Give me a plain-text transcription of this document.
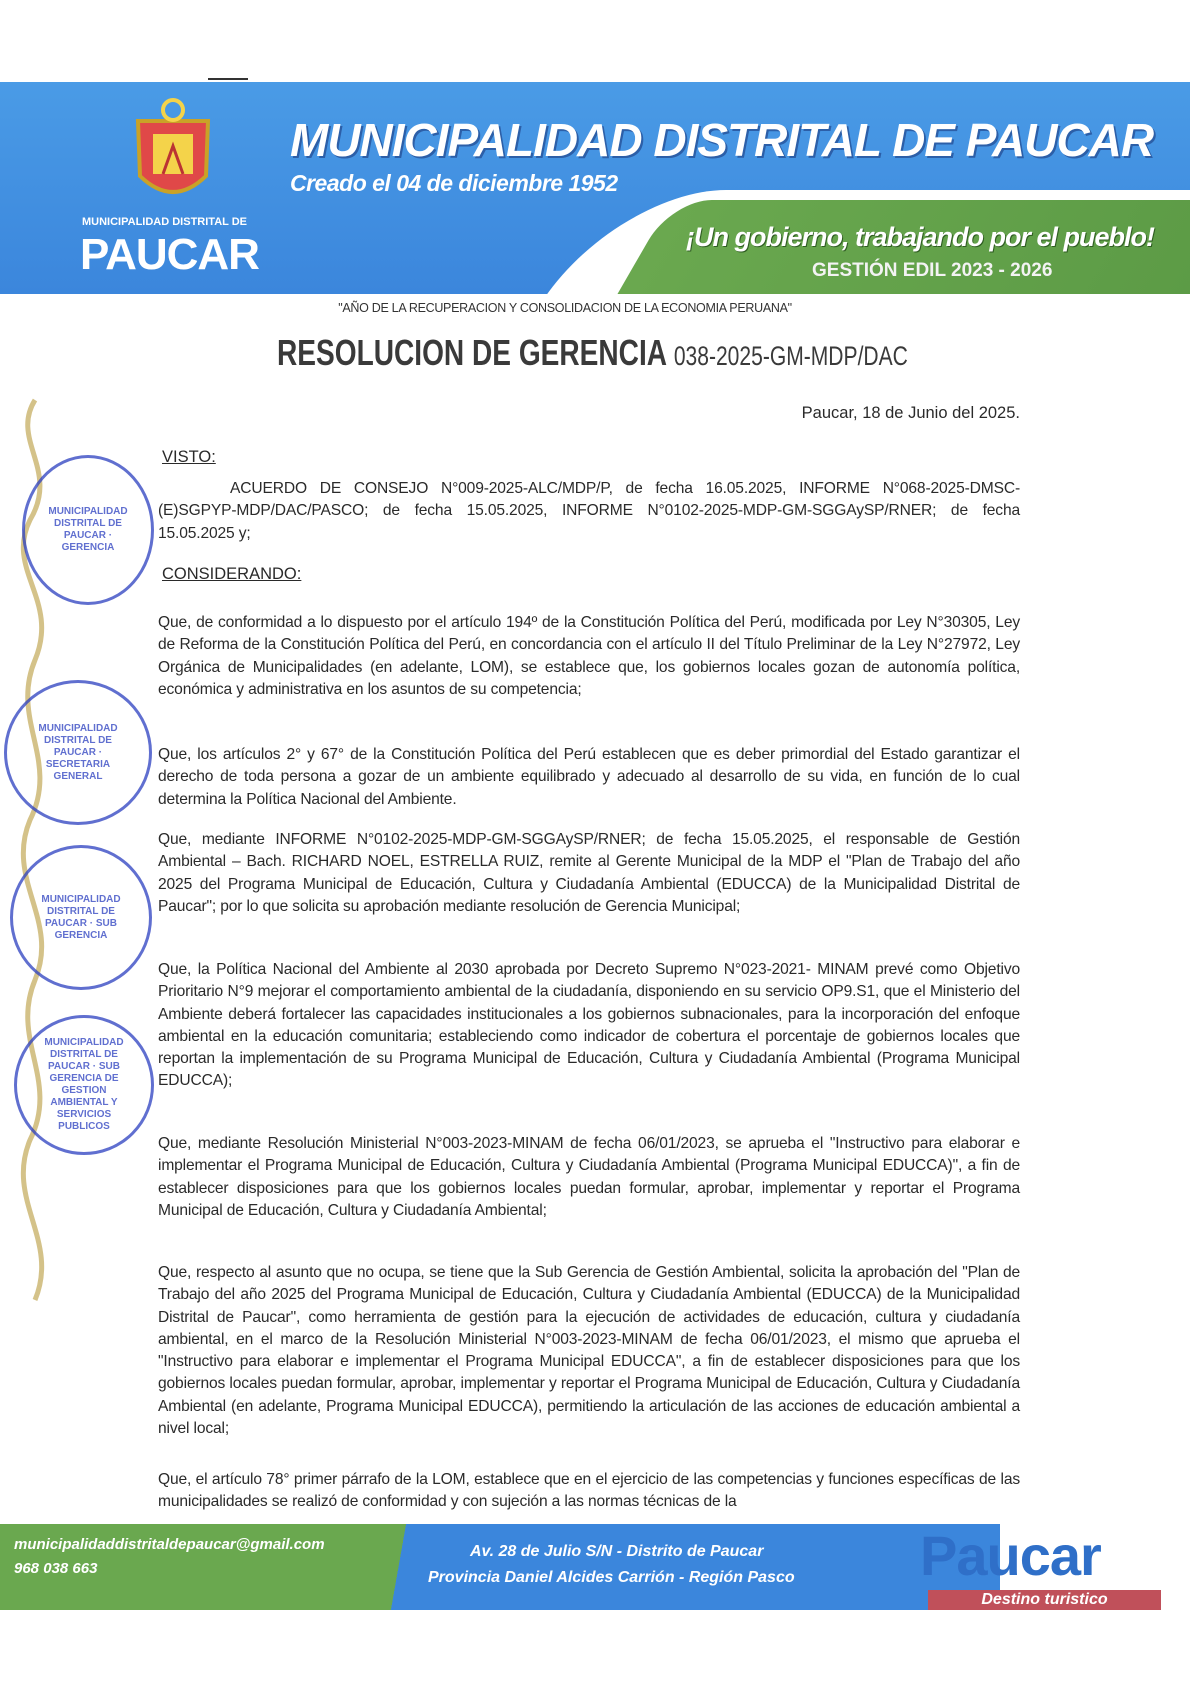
MUNICIPALIDAD DISTRITAL DE
PAUCAR
MUNICIPALIDAD DISTRITAL DE PAUCAR
Creado el 04 de diciembre 1952
¡Un gobierno, trabajando por el pueblo!
GESTIÓN EDIL 2023 - 2026
"AÑO DE LA RECUPERACION Y CONSOLIDACION DE LA ECONOMIA PERUANA"
RESOLUCION DE GERENCIA 038-2025-GM-MDP/DAC
Paucar, 18 de Junio del 2025.
VISTO:
ACUERDO DE CONSEJO N°009-2025-ALC/MDP/P, de fecha 16.05.2025, INFORME N°068-2025-DMSC-(E)SGPYP-MDP/DAC/PASCO; de fecha 15.05.2025, INFORME N°0102-2025-MDP-GM-SGGAySP/RNER; de fecha 15.05.2025 y;
CONSIDERANDO:
Que, de conformidad a lo dispuesto por el artículo 194º de la Constitución Política del Perú, modificada por Ley N°30305, Ley de Reforma de la Constitución Política del Perú, en concordancia con el artículo II del Título Preliminar de la Ley N°27972, Ley Orgánica de Municipalidades (en adelante, LOM), se establece que, los gobiernos locales gozan de autonomía política, económica y administrativa en los asuntos de su competencia;
Que, los artículos 2° y 67° de la Constitución Política del Perú establecen que es deber primordial del Estado garantizar el derecho de toda persona a gozar de un ambiente equilibrado y adecuado al desarrollo de su vida, en función de lo cual determina la Política Nacional del Ambiente.
Que, mediante INFORME N°0102-2025-MDP-GM-SGGAySP/RNER; de fecha 15.05.2025, el responsable de Gestión Ambiental – Bach. RICHARD NOEL, ESTRELLA RUIZ, remite al Gerente Municipal de la MDP el "Plan de Trabajo del año 2025 del Programa Municipal de Educación, Cultura y Ciudadanía Ambiental (EDUCCA) de la Municipalidad Distrital de Paucar"; por lo que solicita su aprobación mediante resolución de Gerencia Municipal;
Que, la Política Nacional del Ambiente al 2030 aprobada por Decreto Supremo N°023-2021- MINAM prevé como Objetivo Prioritario N°9 mejorar el comportamiento ambiental de la ciudadanía, disponiendo en su servicio OP9.S1, que el Ministerio del Ambiente deberá fortalecer las capacidades institucionales a los gobiernos subnacionales, para la incorporación del enfoque ambiental en la educación comunitaria; estableciendo como indicador de cobertura el porcentaje de gobiernos locales que reportan la implementación de su Programa Municipal de Educación, Cultura y Ciudadanía Ambiental (Programa Municipal EDUCCA);
Que, mediante Resolución Ministerial N°003-2023-MINAM de fecha 06/01/2023, se aprueba el "Instructivo para elaborar e implementar el Programa Municipal de Educación, Cultura y Ciudadanía Ambiental (Programa Municipal EDUCCA)", a fin de establecer disposiciones para que los gobiernos locales puedan formular, aprobar, implementar y reportar el Programa Municipal de Educación, Cultura y Ciudadanía Ambiental;
Que, respecto al asunto que no ocupa, se tiene que la Sub Gerencia de Gestión Ambiental, solicita la aprobación del "Plan de Trabajo del año 2025 del Programa Municipal de Educación, Cultura y Ciudadanía Ambiental (EDUCCA) de la Municipalidad Distrital de Paucar", como herramienta de gestión para la ejecución de actividades de educación, cultura y ciudadanía ambiental, en el marco de la Resolución Ministerial N°003-2023-MINAM de fecha 06/01/2023, el mismo que aprueba el "Instructivo para elaborar e implementar el Programa Municipal EDUCCA", a fin de establecer disposiciones para que los gobiernos locales puedan formular, aprobar, implementar y reportar el Programa Municipal de Educación, Cultura y Ciudadanía Ambiental (en adelante, Programa Municipal EDUCCA), permitiendo la articulación de las acciones de educación ambiental a nivel local;
Que, el artículo 78° primer párrafo de la LOM, establece que en el ejercicio de las competencias y funciones específicas de las municipalidades se realizó de conformidad y con sujeción a las normas técnicas de la
MUNICIPALIDAD DISTRITAL DE PAUCAR · GERENCIA
MUNICIPALIDAD DISTRITAL DE PAUCAR · SECRETARIA GENERAL
MUNICIPALIDAD DISTRITAL DE PAUCAR · SUB GERENCIA
MUNICIPALIDAD DISTRITAL DE PAUCAR · SUB GERENCIA DE GESTION AMBIENTAL Y SERVICIOS PUBLICOS
municipalidaddistritaldepaucar@gmail.com
968 038 663
Av. 28 de Julio S/N - Distrito de Paucar
Provincia Daniel Alcides Carrión - Región Pasco Paucar
Destino turistico
